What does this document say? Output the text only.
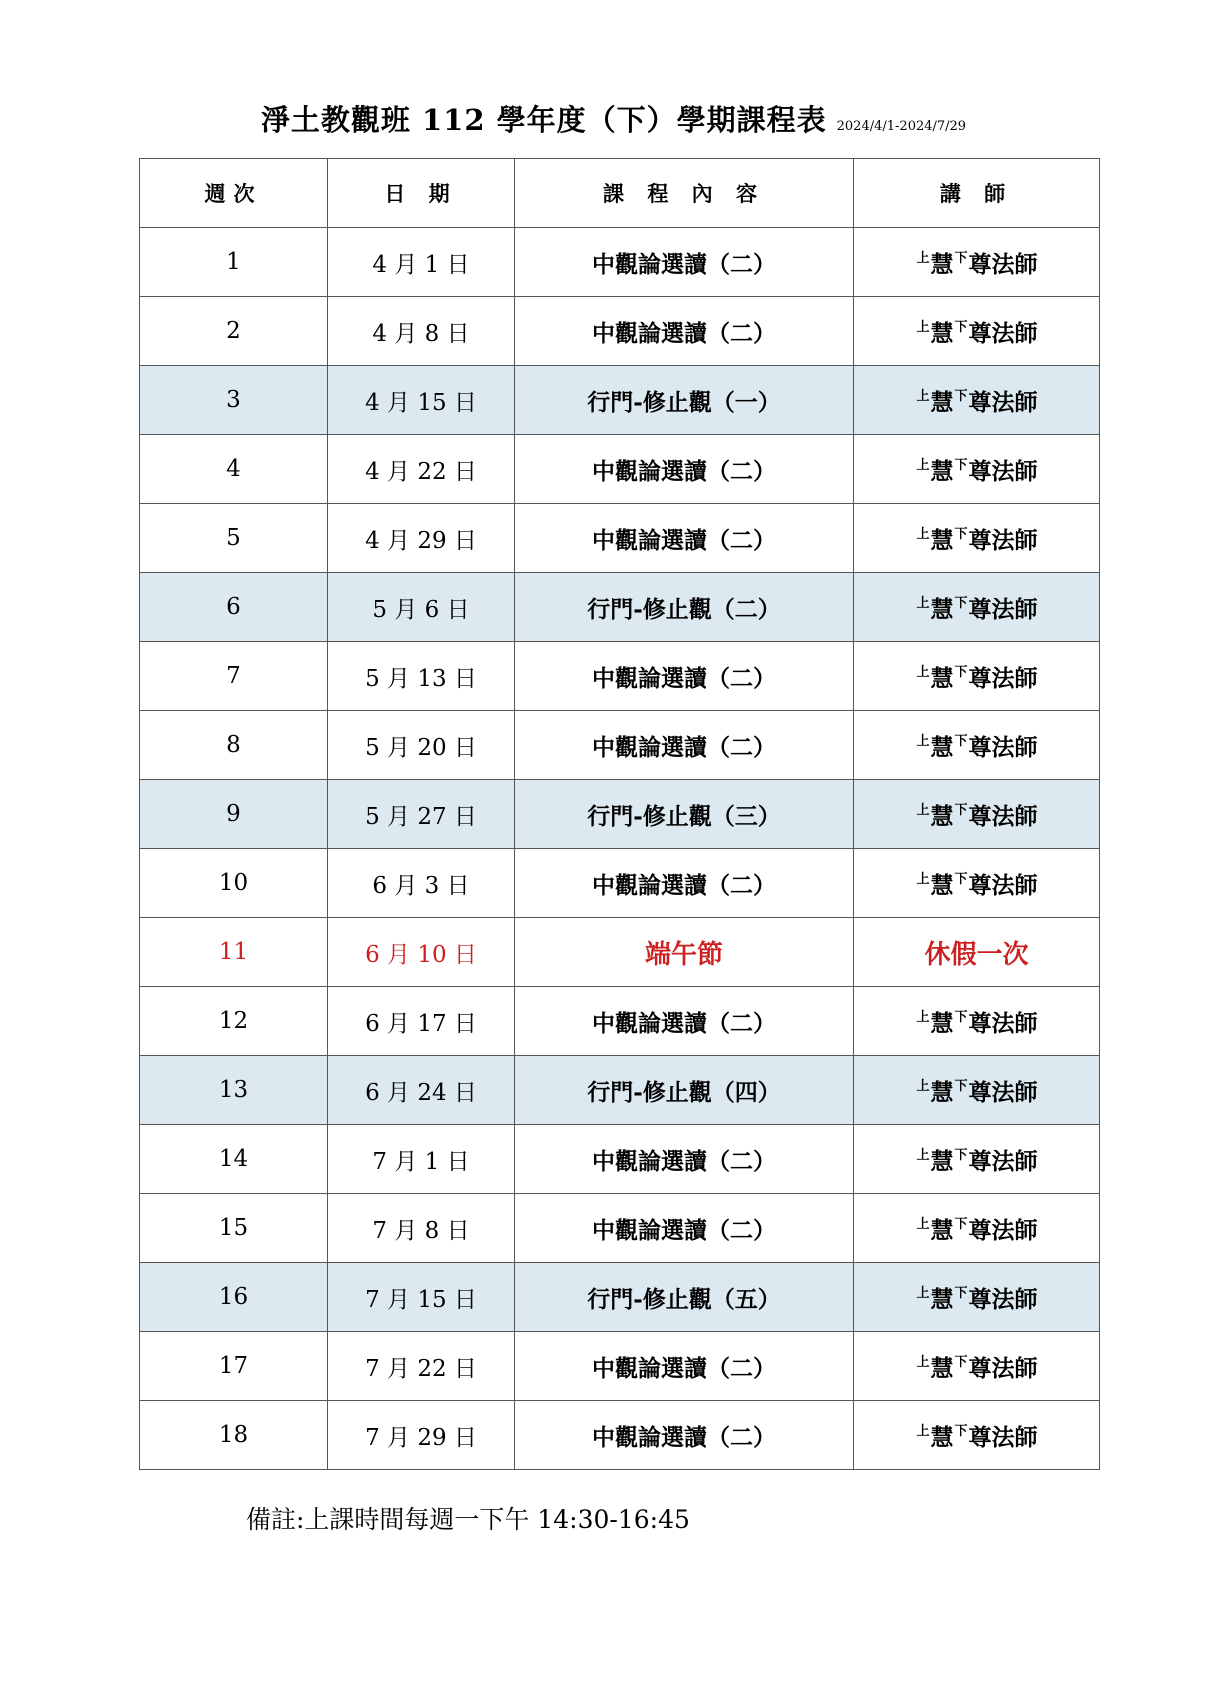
淨土教觀班 112 學年度（下）學期課程表 2024/4/1-2024/7/29
週次	日 期	課 程 內 容	講 師
1	4 月 1 日	中觀論選讀（二）	$^上$慧$^下$尊法師
2	4 月 8 日	中觀論選讀（二）	$^上$慧$^下$尊法師
3	4 月 15 日	行門-修止觀（一）	$^上$慧$^下$尊法師
4	4 月 22 日	中觀論選讀（二）	$^上$慧$^下$尊法師
5	4 月 29 日	中觀論選讀（二）	$^上$慧$^下$尊法師
6	5 月 6 日	行門-修止觀（二）	$^上$慧$^下$尊法師
7	5 月 13 日	中觀論選讀（二）	$^上$慧$^下$尊法師
8	5 月 20 日	中觀論選讀（二）	$^上$慧$^下$尊法師
9	5 月 27 日	行門-修止觀（三）	$^上$慧$^下$尊法師
10	6 月 3 日	中觀論選讀（二）	$^上$慧$^下$尊法師
11	6 月 10 日	端午節	休假一次
12	6 月 17 日	中觀論選讀（二）	$^上$慧$^下$尊法師
13	6 月 24 日	行門-修止觀（四）	$^上$慧$^下$尊法師
14	7 月 1 日	中觀論選讀（二）	$^上$慧$^下$尊法師
15	7 月 8 日	中觀論選讀（二）	$^上$慧$^下$尊法師
16	7 月 15 日	行門-修止觀（五）	$^上$慧$^下$尊法師
17	7 月 22 日	中觀論選讀（二）	$^上$慧$^下$尊法師
18	7 月 29 日	中觀論選讀（二）	$^上$慧$^下$尊法師
備註:上課時間每週一下午 14:30-16:45
